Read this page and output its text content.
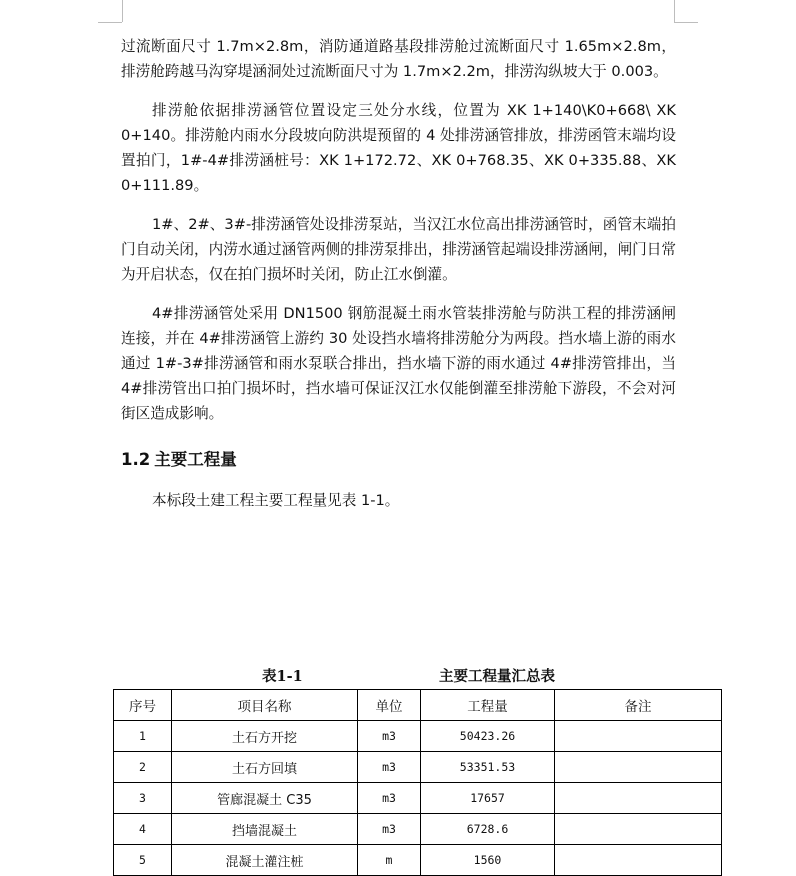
过流断面尺寸 1.7m×2.8m，消防通道路基段排涝舱过流断面尺寸 1.65m×2.8m，排涝舱跨越马沟穿堤涵洞处过流断面尺寸为 1.7m×2.2m，排涝沟纵坡大于 0.003。

排涝舱依据排涝涵管位置设定三处分水线，位置为 XK 1+140\K0+668\ XK 0+140。排涝舱内雨水分段坡向防洪堤预留的 4 处排涝涵管排放，排涝函管末端均设置拍门，1#-4#排涝涵桩号：XK 1+172.72、XK 0+768.35、XK 0+335.88、XK 0+111.89。

1#、2#、3#-排涝涵管处设排涝泵站，当汉江水位高出排涝涵管时，函管末端拍门自动关闭，内涝水通过涵管两侧的排涝泵排出，排涝涵管起端设排涝涵闸，闸门日常为开启状态，仅在拍门损坏时关闭，防止江水倒灌。

4#排涝涵管处采用 DN1500 钢筋混凝土雨水管装排涝舱与防洪工程的排涝涵闸连接，并在 4#排涝涵管上游约 30 处设挡水墙将排涝舱分为两段。挡水墙上游的雨水通过 1#-3#排涝涵管和雨水泵联合排出，挡水墙下游的雨水通过 4#排涝管排出，当 4#排涝管出口拍门损坏时，挡水墙可保证汉江水仅能倒灌至排涝舱下游段，不会对河街区造成影响。

1.2 主要工程量

本标段土建工程主要工程量见表 1-1。

表1-1	主要工程量汇总表
序号	项目名称	单位	工程量	备注
1	土石方开挖	m3	50423.26	
2	土石方回填	m3	53351.53	
3	管廊混凝土 C35	m3	17657	
4	挡墙混凝土	m3	6728.6	
5	混凝土灌注桩	m	1560	
